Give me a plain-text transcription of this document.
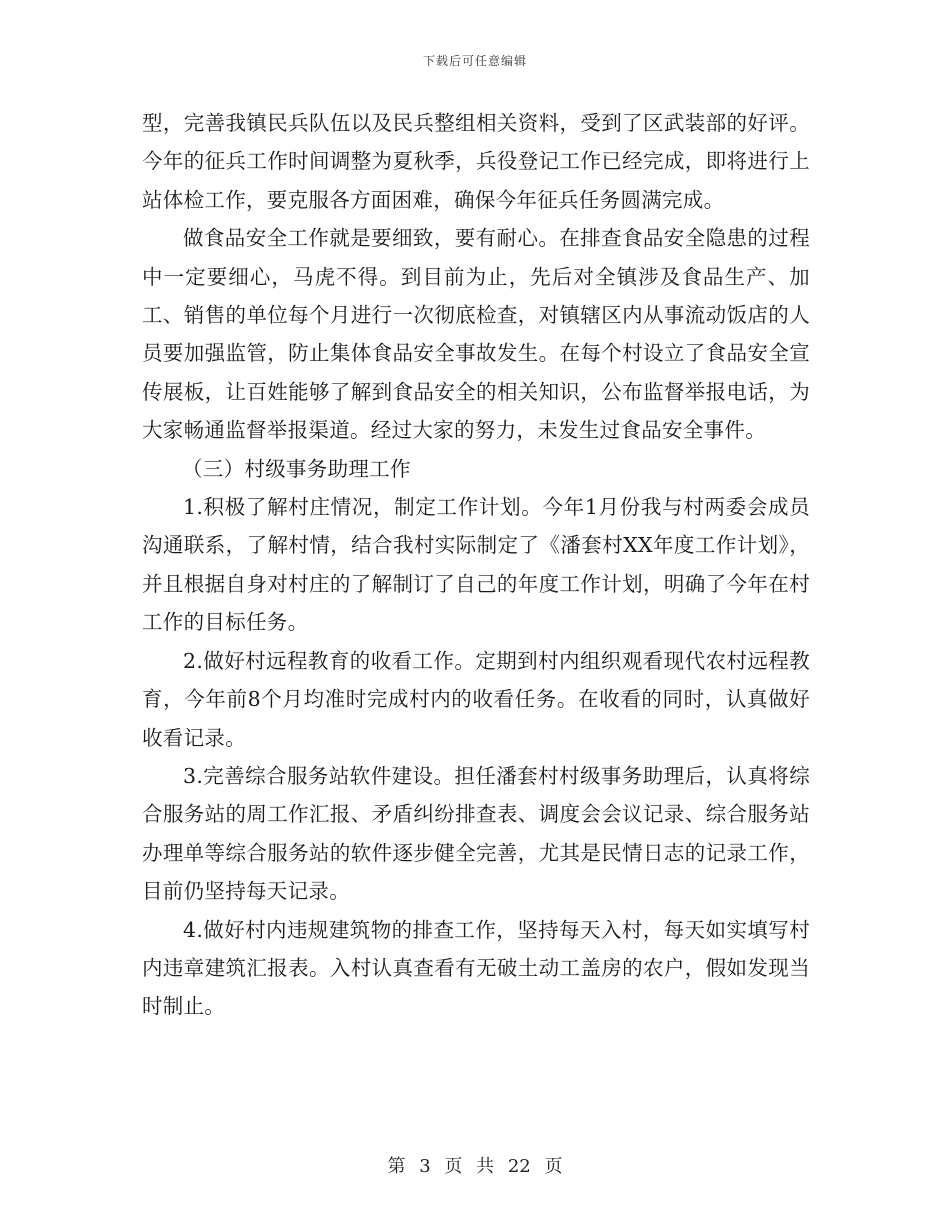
下载后可任意编辑

型，完善我镇民兵队伍以及民兵整组相关资料，受到了区武装部的好评。今年的征兵工作时间调整为夏秋季，兵役登记工作已经完成，即将进行上站体检工作，要克服各方面困难，确保今年征兵任务圆满完成。

做食品安全工作就是要细致，要有耐心。在排查食品安全隐患的过程中一定要细心，马虎不得。到目前为止，先后对全镇涉及食品生产、加工、销售的单位每个月进行一次彻底检查，对镇辖区内从事流动饭店的人员要加强监管，防止集体食品安全事故发生。在每个村设立了食品安全宣传展板，让百姓能够了解到食品安全的相关知识，公布监督举报电话，为大家畅通监督举报渠道。经过大家的努力，未发生过食品安全事件。

（三）村级事务助理工作

1.积极了解村庄情况，制定工作计划。今年1月份我与村两委会成员沟通联系，了解村情，结合我村实际制定了《潘套村XX年度工作计划》，并且根据自身对村庄的了解制订了自己的年度工作计划，明确了今年在村工作的目标任务。

2.做好村远程教育的收看工作。定期到村内组织观看现代农村远程教育，今年前8个月均准时完成村内的收看任务。在收看的同时，认真做好收看记录。

3.完善综合服务站软件建设。担任潘套村村级事务助理后，认真将综合服务站的周工作汇报、矛盾纠纷排查表、调度会会议记录、综合服务站办理单等综合服务站的软件逐步健全完善，尤其是民情日志的记录工作，目前仍坚持每天记录。

4.做好村内违规建筑物的排查工作，坚持每天入村，每天如实填写村内违章建筑汇报表。入村认真查看有无破土动工盖房的农户，假如发现当时制止。

第 3 页 共 22 页
